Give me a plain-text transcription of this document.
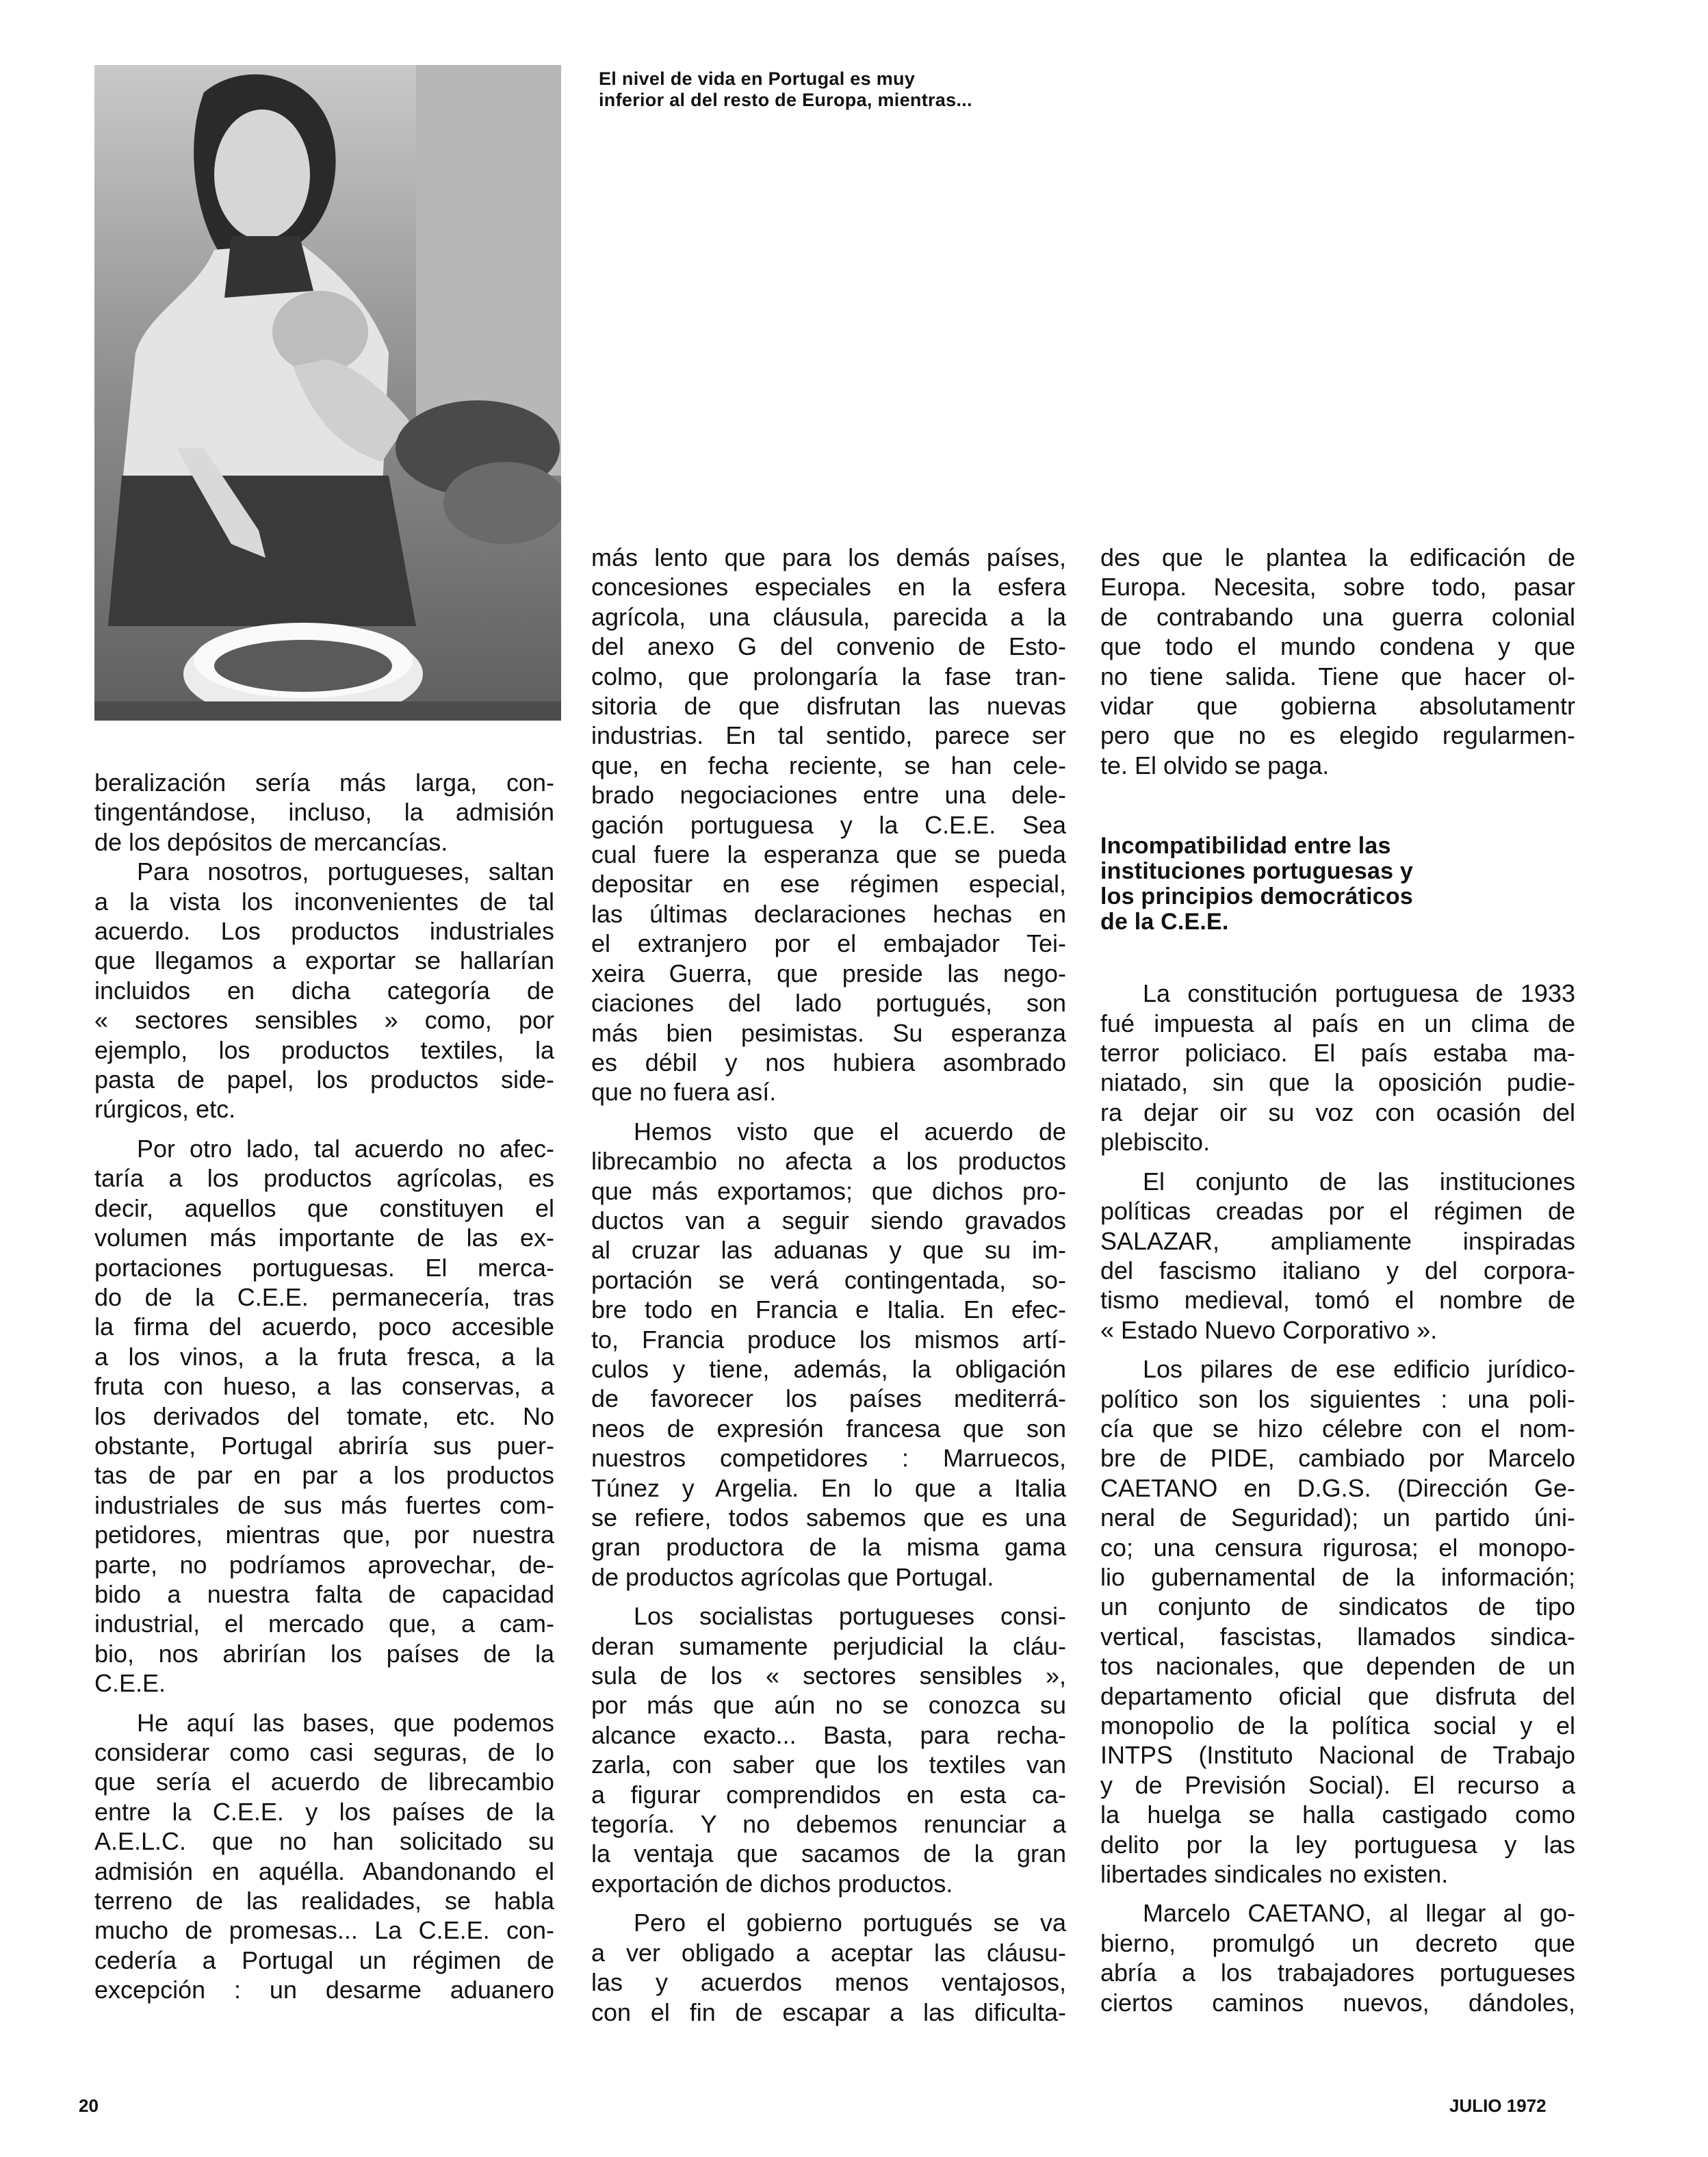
El nivel de vida en Portugal es muy
inferior al del resto de Europa, mientras...

beralización sería más larga, con-
tingentándose, incluso, la admisión
de los depósitos de mercancías.

Para nosotros, portugueses, saltan
a la vista los inconvenientes de tal
acuerdo. Los productos industriales
que llegamos a exportar se hallarían
incluidos en dicha categoría de
« sectores sensibles » como, por
ejemplo, los productos textiles, la
pasta de papel, los productos side-
rúrgicos, etc.

Por otro lado, tal acuerdo no afec-
taría a los productos agrícolas, es
decir, aquellos que constituyen el
volumen más importante de las ex-
portaciones portuguesas. El merca-
do de la C.E.E. permanecería, tras
la firma del acuerdo, poco accesible
a los vinos, a la fruta fresca, a la
fruta con hueso, a las conservas, a
los derivados del tomate, etc. No
obstante, Portugal abriría sus puer-
tas de par en par a los productos
industriales de sus más fuertes com-
petidores, mientras que, por nuestra
parte, no podríamos aprovechar, de-
bido a nuestra falta de capacidad
industrial, el mercado que, a cam-
bio, nos abrirían los países de la
C.E.E.

He aquí las bases, que podemos
considerar como casi seguras, de lo
que sería el acuerdo de librecambio
entre la C.E.E. y los países de la
A.E.L.C. que no han solicitado su
admisión en aquélla. Abandonando el
terreno de las realidades, se habla
mucho de promesas... La C.E.E. con-
cedería a Portugal un régimen de
excepción : un desarme aduanero

más lento que para los demás países,
concesiones especiales en la esfera
agrícola, una cláusula, parecida a la
del anexo G del convenio de Esto-
colmo, que prolongaría la fase tran-
sitoria de que disfrutan las nuevas
industrias. En tal sentido, parece ser
que, en fecha reciente, se han cele-
brado negociaciones entre una dele-
gación portuguesa y la C.E.E. Sea
cual fuere la esperanza que se pueda
depositar en ese régimen especial,
las últimas declaraciones hechas en
el extranjero por el embajador Tei-
xeira Guerra, que preside las nego-
ciaciones del lado portugués, son
más bien pesimistas. Su esperanza
es débil y nos hubiera asombrado
que no fuera así.

Hemos visto que el acuerdo de
librecambio no afecta a los productos
que más exportamos; que dichos pro-
ductos van a seguir siendo gravados
al cruzar las aduanas y que su im-
portación se verá contingentada, so-
bre todo en Francia e Italia. En efec-
to, Francia produce los mismos artí-
culos y tiene, además, la obligación
de favorecer los países mediterrá-
neos de expresión francesa que son
nuestros competidores : Marruecos,
Túnez y Argelia. En lo que a Italia
se refiere, todos sabemos que es una
gran productora de la misma gama
de productos agrícolas que Portugal.

Los socialistas portugueses consi-
deran sumamente perjudicial la cláu-
sula de los « sectores sensibles »,
por más que aún no se conozca su
alcance exacto... Basta, para recha-
zarla, con saber que los textiles van
a figurar comprendidos en esta ca-
tegoría. Y no debemos renunciar a
la ventaja que sacamos de la gran
exportación de dichos productos.

Pero el gobierno portugués se va
a ver obligado a aceptar las cláusu-
las y acuerdos menos ventajosos,
con el fin de escapar a las dificulta-

des que le plantea la edificación de
Europa. Necesita, sobre todo, pasar
de contrabando una guerra colonial
que todo el mundo condena y que
no tiene salida. Tiene que hacer ol-
vidar que gobierna absolutamentr
pero que no es elegido regularmen-
te. El olvido se paga.

Incompatibilidad entre las
instituciones portuguesas y
los principios democráticos
de la C.E.E.

La constitución portuguesa de 1933
fué impuesta al país en un clima de
terror policiaco. El país estaba ma-
niatado, sin que la oposición pudie-
ra dejar oir su voz con ocasión del
plebiscito.

El conjunto de las instituciones
políticas creadas por el régimen de
SALAZAR, ampliamente inspiradas
del fascismo italiano y del corpora-
tismo medieval, tomó el nombre de
« Estado Nuevo Corporativo ».

Los pilares de ese edificio jurídico-
político son los siguientes : una poli-
cía que se hizo célebre con el nom-
bre de PIDE, cambiado por Marcelo
CAETANO en D.G.S. (Dirección Ge-
neral de Seguridad); un partido úni-
co; una censura rigurosa; el monopo-
lio gubernamental de la información;
un conjunto de sindicatos de tipo
vertical, fascistas, llamados sindica-
tos nacionales, que dependen de un
departamento oficial que disfruta del
monopolio de la política social y el
INTPS (Instituto Nacional de Trabajo
y de Previsión Social). El recurso a
la huelga se halla castigado como
delito por la ley portuguesa y las
libertades sindicales no existen.

Marcelo CAETANO, al llegar al go-
bierno, promulgó un decreto que
abría a los trabajadores portugueses
ciertos caminos nuevos, dándoles,

20	JULIO 1972
